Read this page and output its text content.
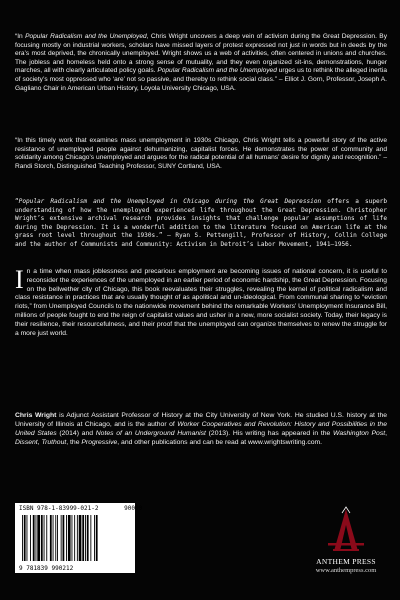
“In Popular Radicalism and the Unemployed, Chris Wright uncovers a deep vein of activism during the Great Depression. By focusing mostly on industrial workers, scholars have missed layers of protest expressed not just in words but in deeds by the era’s most deprived, the chronically unemployed. Wright shows us a web of activities, often centered in unions and churches. The jobless and homeless held onto a strong sense of mutuality, and they even organized sit-ins, demonstrations, hunger marches, all with clearly articulated policy goals. Popular Radicalism and the Unemployed urges us to rethink the alleged inertia of society’s most oppressed who ‘are’ not so passive, and thereby to rethink social class.” – Elliot J. Gorn, Professor, Joseph A. Gagliano Chair in American Urban History, Loyola University Chicago, USA.

“In this timely work that examines mass unemployment in 1930s Chicago, Chris Wright tells a powerful story of the active resistance of unemployed people against dehumanizing, capitalist forces. He demonstrates the power of community and solidarity among Chicago’s unemployed and argues for the radical potential of all humans’ desire for dignity and recognition.” – Randi Storch, Distinguished Teaching Professor, SUNY Cortland, USA.

“Popular Radicalism and the Unemployed in Chicago during the Great Depression offers a superb understanding of how the unemployed experienced life throughout the Great Depression. Christopher Wright’s extensive archival research provides insights that challenge popular assumptions of life during the Depression. It is a wonderful addition to the literature focused on American life at the grass root level throughout the 1930s.” – Ryan S. Pettengill, Professor of History, Collin College and the author of Communists and Community: Activism in Detroit’s Labor Movement, 1941–1956.

In a time when mass joblessness and precarious employment are becoming issues of national concern, it is useful to reconsider the experiences of the unemployed in an earlier period of economic hardship, the Great Depression. Focusing on the bellwether city of Chicago, this book reevaluates their struggles, revealing the kernel of political radicalism and class resistance in practices that are usually thought of as apolitical and un-ideological. From communal sharing to “eviction riots,” from Unemployed Councils to the nationwide movement behind the remarkable Workers’ Unemployment Insurance Bill, millions of people fought to end the reign of capitalist values and usher in a new, more socialist society. Today, their legacy is their resilience, their resourcefulness, and their proof that the unemployed can organize themselves to renew the struggle for a more just world.

Chris Wright is Adjunct Assistant Professor of History at the City University of New York. He studied U.S. history at the University of Illinois at Chicago, and is the author of Worker Cooperatives and Revolution: History and Possibilities in the United States (2014) and Notes of an Underground Humanist (2013). His writing has appeared in the Washington Post, Dissent, Truthout, the Progressive, and other publications and can be read at www.wrightswriting.com.

ISBN 978-1-83999-021-2	90000
9 781839 990212
ANTHEM PRESS
www.anthempress.com
